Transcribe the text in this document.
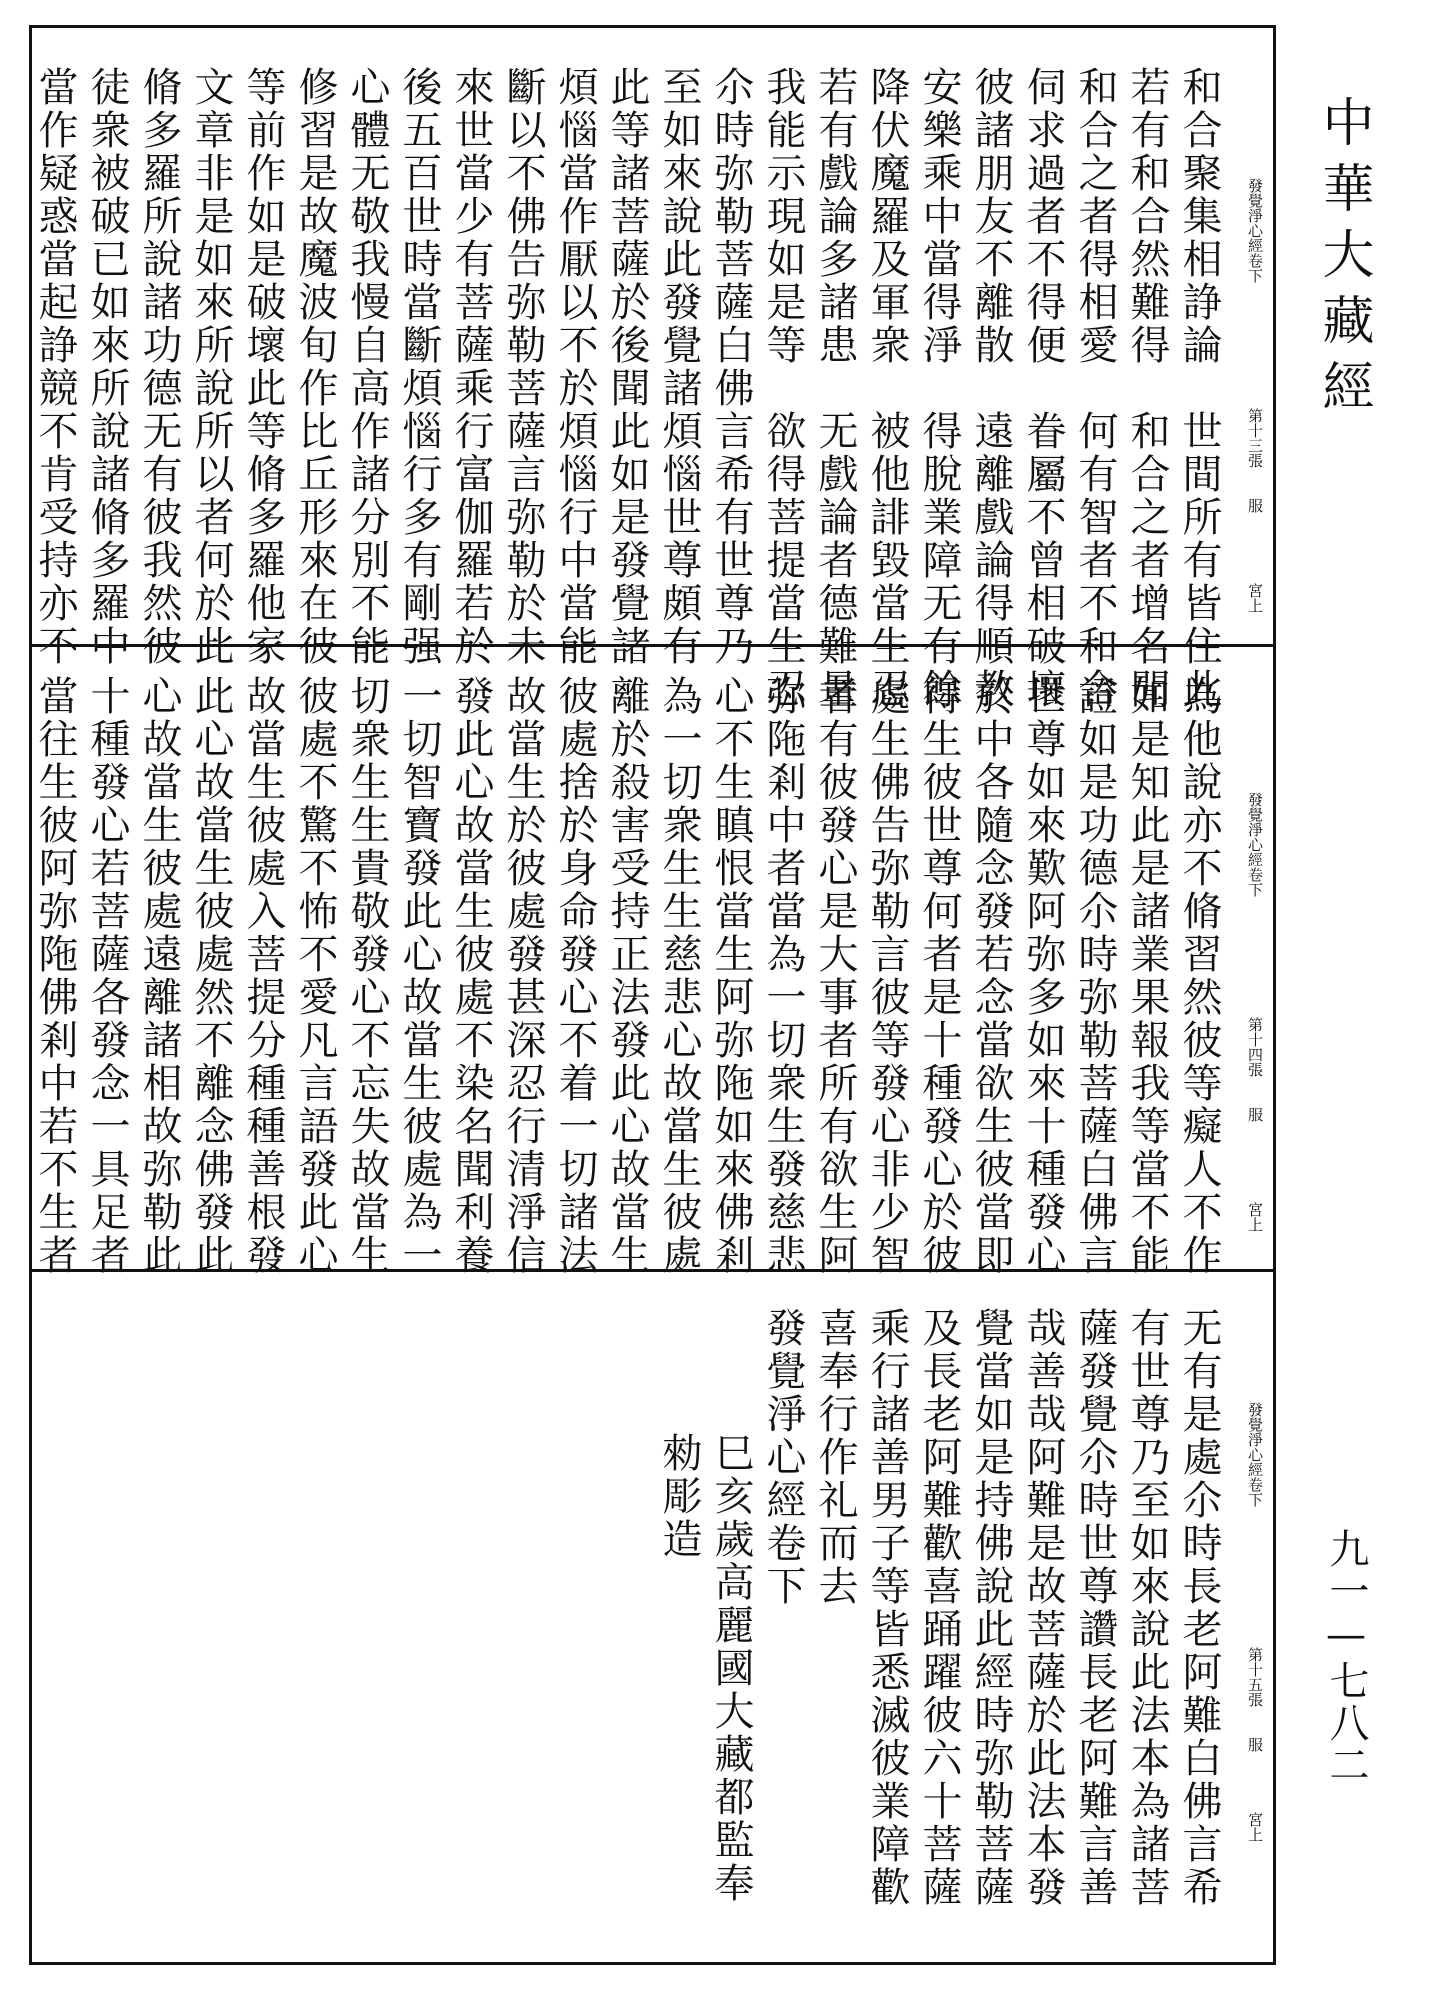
和合聚集相諍論　世間所有皆住此
若有和合然難得　和合之者增名聞
和合之者得相愛　何有智者不和合
伺求過者不得便　眷屬不曾相破壞
彼諸朋友不離散　遠離戲論得順教
安樂乘中當得淨　得脫業障无有餘
降伏魔羅及軍衆　被他誹毀當生忍
若有戲論多諸患　无戲論者德難量
我能示現如是等　欲得菩提當生忍
尒時弥勒菩薩白佛言希有世尊乃
至如來說此發覺諸煩惱世尊頗有
此等諸菩薩於後聞此如是發覺諸
煩惱當作厭以不於煩惱行中當能
斷以不佛告弥勒菩薩言弥勒於未
來世當少有菩薩乘行富伽羅若於
後五百世時當斷煩惱行多有剛强
心體无敬我慢自高作諸分別不能
修習是故魔波旬作比丘形來在彼
等前作如是破壞此等脩多羅他家
文章非是如來所說所以者何於此
脩多羅所說諸功德无有彼我然彼
徒衆被破已如來所說諸脩多羅中
當作疑惑當起諍競不肯受持亦不	發覺淨心經卷下
第十三張
服
宮上
為他說亦不脩習然彼等癡人不作
如是知此是諸業果報我等當不能
證如是功德尒時弥勒菩薩白佛言
世尊如來歎阿弥多如來十種發心
於中各隨念發若念當欲生彼當即
得生彼世尊何者是十種發心於彼
處生佛告弥勒言彼等發心非少智
者有彼發心是大事者所有欲生阿
弥陁剎中者當為一切衆生發慈悲
心不生瞋恨當生阿弥陁如來佛剎
為一切衆生生慈悲心故當生彼處
離於殺害受持正法發此心故當生
彼處捨於身命發心不着一切諸法
故當生於彼處發甚深忍行清淨信
發此心故當生彼處不染名聞利養
一切智寶發此心故當生彼處為一
切衆生生貴敬發心不忘失故當生
彼處不驚不怖不愛凡言語發此心
故當生彼處入菩提分種種善根發
此心故當生彼處然不離念佛發此
心故當生彼處遠離諸相故弥勒此
十種發心若菩薩各發念一具足者
當往生彼阿弥陁佛剎中若不生者	發覺淨心經卷下
第十四張
服
宮上
无有是處尒時長老阿難白佛言希
有世尊乃至如來說此法本為諸菩
薩發覺尒時世尊讚長老阿難言善
哉善哉阿難是故菩薩於此法本發
覺當如是持佛說此經時弥勒菩薩
及長老阿難歡喜踊躍彼六十菩薩
乘行諸善男子等皆悉滅彼業障歡
喜奉行作礼而去
發覺淨心經卷下
巳亥歲高麗國大藏都監奉
勑彫造	發覺淨心經卷下
第十五張
服
宮上
中華大藏經
九一—七八二
